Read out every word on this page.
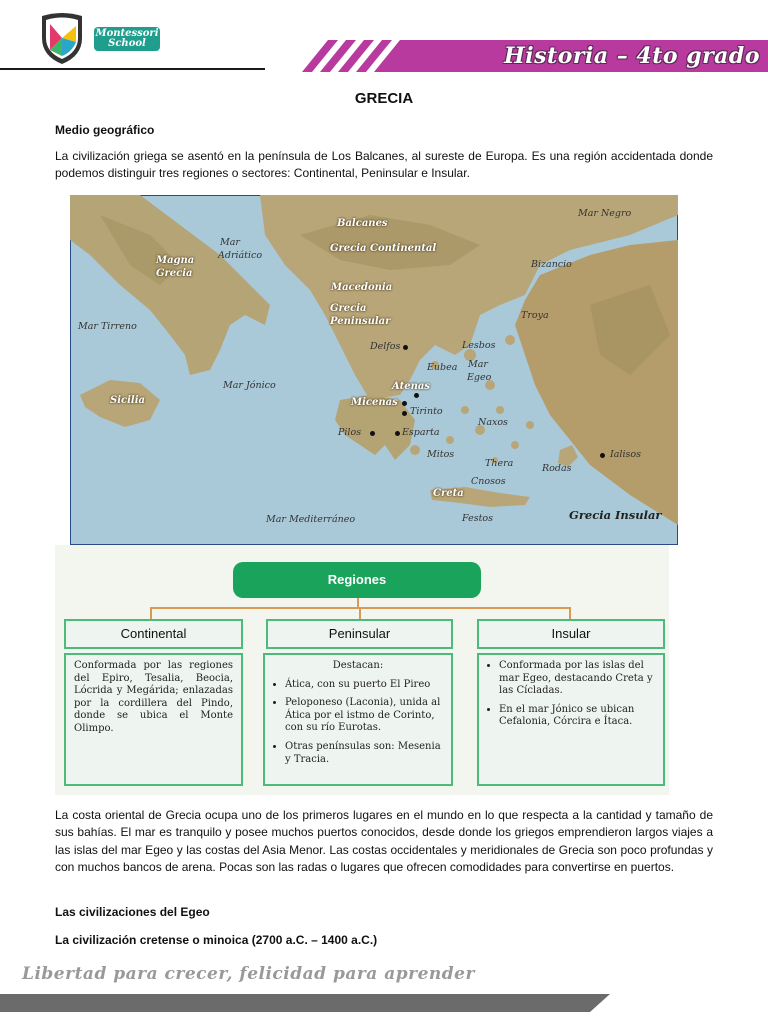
Montessori
School	Historia – 4to grado
GRECIA
Medio geográfico
La civilización griega se asentó en la península de Los Balcanes, al sureste de Europa. Es una región accidentada donde podemos distinguir tres regiones o sectores: Continental, Peninsular e Insular.
Balcanes
Mar Negro
Mar
Adriático
Grecia Continental
Magna
Grecia
Bizancio
Macedonia
Grecia
Peninsular
Troya
Mar Tirreno
Delfos	Lesbos
Eubea Mar
Egeo
Mar Jónico	Atenas
Sicilia	Micenas
Tirinto
Pilos	Esparta
Naxos
Mitos
Thera
Ialisos
Rodas
Cnosos
Creta
Festos	Grecia Insular
Mar Mediterráneo
Regiones
Continental	Peninsular	Insular
Conformada por las regiones del Epiro, Tesalia, Beocia, Lócrida y Megárida; enlazadas por la cordillera del Pindo, donde se ubica el Monte Olimpo.
Destacan:
• Ática, con su puerto El Pireo
• Peloponeso (Laconia), unida al Ática por el istmo de Corinto, con su río Eurotas.
• Otras penínsulas son: Mesenia y Tracia.
• Conformada por las islas del mar Egeo, destacando Creta y las Cícladas.
• En el mar Jónico se ubican Cefalonia, Córcira e Ítaca.
La costa oriental de Grecia ocupa uno de los primeros lugares en el mundo en lo que respecta a la cantidad y tamaño de sus bahías. El mar es tranquilo y posee muchos puertos conocidos, desde donde los griegos emprendieron largos viajes a las islas del mar Egeo y las costas del Asia Menor. Las costas occidentales y meridionales de Grecia son poco profundas y con muchos bancos de arena. Pocas son las radas o lugares que ofrecen comodidades para convertirse en puertos.
Las civilizaciones del Egeo
La civilización cretense o minoica (2700 a.C. – 1400 a.C.)
Libertad para crecer, felicidad para aprender
